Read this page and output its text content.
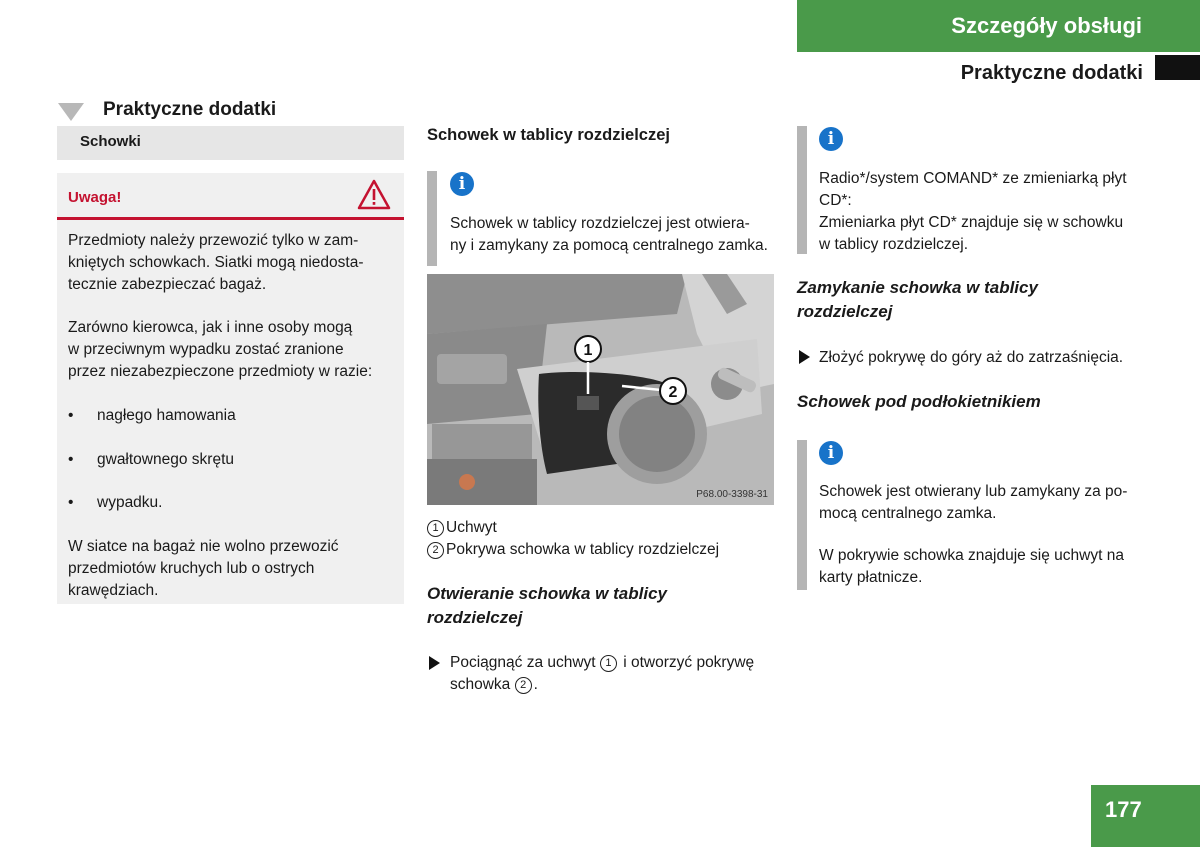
Szczegóły obsługi
Praktyczne dodatki
Praktyczne dodatki
Schowki
Uwaga!
Przedmioty należy przewozić tylko w zam-
kniętych schowkach. Siatki mogą niedosta-
tecznie zabezpieczać bagaż.
Zarówno kierowca, jak i inne osoby mogą
w przeciwnym wypadku zostać zranione
przez niezabezpieczone przedmioty w razie:
• nagłego hamowania
• gwałtownego skrętu
• wypadku.
W siatce na bagaż nie wolno przewozić
przedmiotów kruchych lub o ostrych
krawędziach.
Schowek w tablicy rozdzielczej
i
Schowek w tablicy rozdzielczej jest otwiera-
ny i zamykany za pomocą centralnego zamka.
1
2
P68.00-3398-31
1 Uchwyt
2 Pokrywa schowka w tablicy rozdzielczej
Otwieranie schowka w tablicy
rozdzielczej
Pociągnąć za uchwyt 1 i otworzyć pokrywę
schowka 2 .
i
Radio*/system COMAND* ze zmieniarką płyt
CD*:
Zmieniarka płyt CD* znajduje się w schowku
w tablicy rozdzielczej.
Zamykanie schowka w tablicy
rozdzielczej
Złożyć pokrywę do góry aż do zatrzaśnięcia.
Schowek pod podłokietnikiem
i
Schowek jest otwierany lub zamykany za po-
mocą centralnego zamka.
W pokrywie schowka znajduje się uchwyt na
karty płatnicze.
177
